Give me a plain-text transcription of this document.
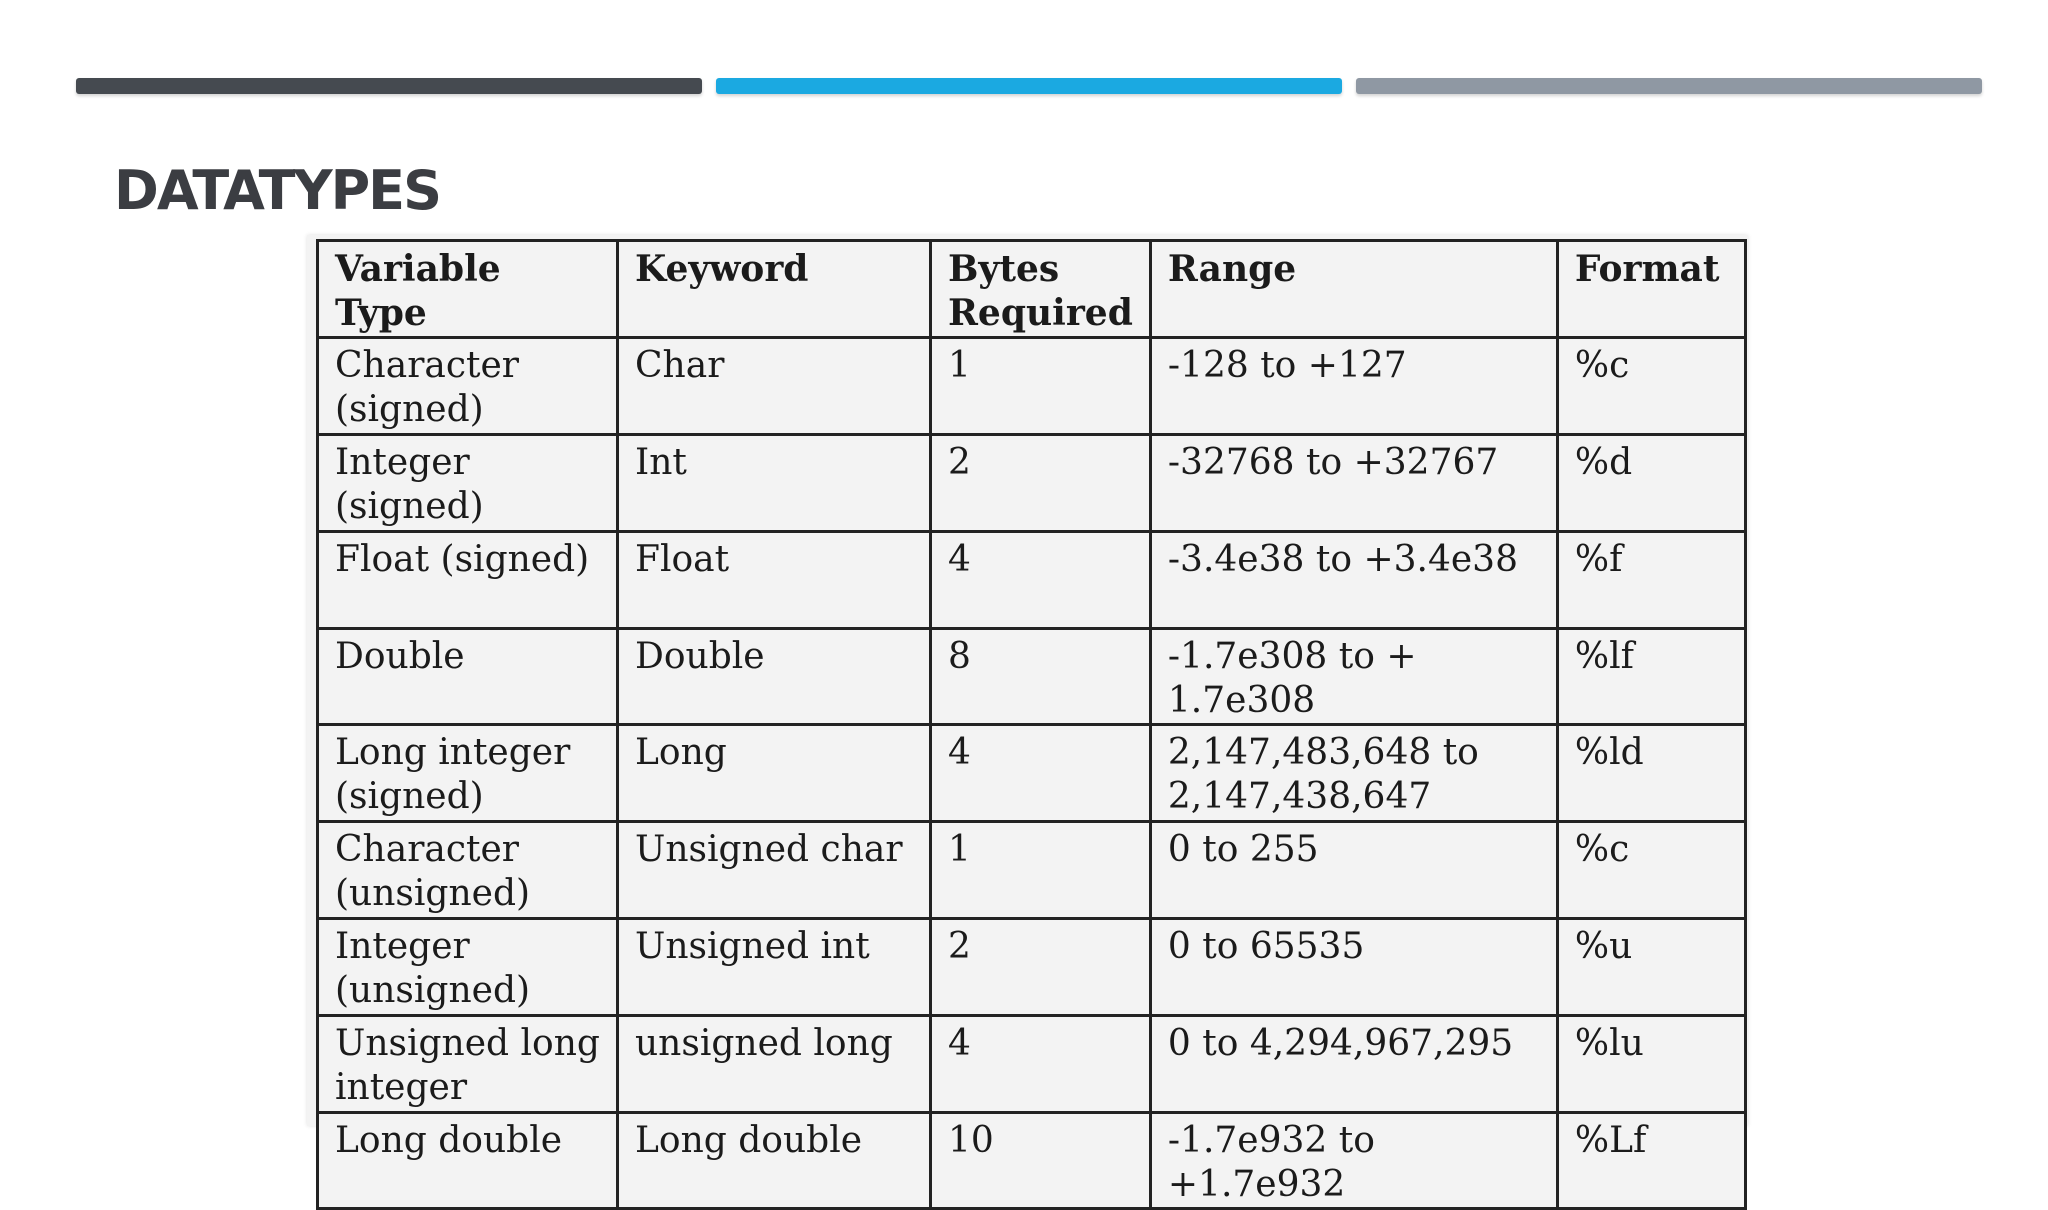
DATATYPES
Variable Type	Keyword	Bytes Required	Range	Format
Character (signed)	Char	1	-128 to +127	%c
Integer (signed)	Int	2	-32768 to +32767	%d
Float (signed)	Float	4	-3.4e38 to +3.4e38	%f
Double	Double	8	-1.7e308 to + 1.7e308	%lf
Long integer (signed)	Long	4	2,147,483,648 to 2,147,438,647	%ld
Character (unsigned)	Unsigned char	1	0 to 255	%c
Integer (unsigned)	Unsigned int	2	0 to 65535	%u
Unsigned long integer	unsigned long	4	0 to 4,294,967,295	%lu
Long double	Long double	10	-1.7e932 to +1.7e932	%Lf
